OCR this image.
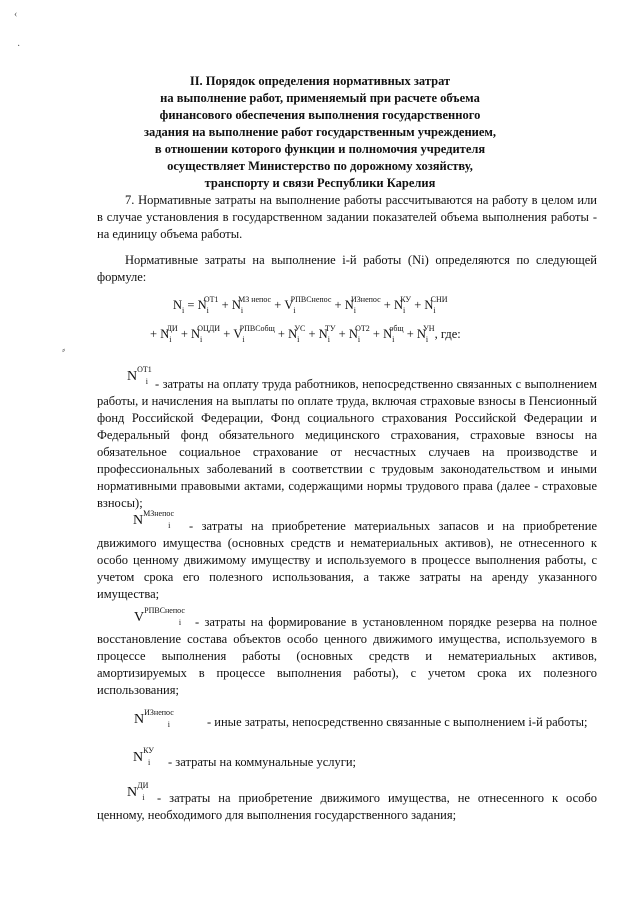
‹
·
⸗
II. Порядок определения нормативных затрат
на выполнение работ, применяемый при расчете объема
финансового обеспечения выполнения государственного
задания на выполнение работ государственным учреждением,
в отношении которого функции и полномочия учредителя
осуществляет Министерство по дорожному хозяйству,
транспорту и связи Республики Карелия

7. Нормативные затраты на выполнение работы рассчитываются на работу в целом или в случае установления в государственном задании показателей объема выполнения работы - на единицу объема работы.

Нормативные затраты на выполнение i-й работы (Ni) определяются по следующей формуле:

$N_i = N_i^{ОТ1} + N_i^{МЗ непос} + V_i^{РПВСнепос} + N_i^{ИЗнепос} + N_i^{КУ} + N_i^{СНИ}$
+ $N_i^{ДИ} + N_i^{ОЦДИ} + V_i^{РПВСобщ} + N_i^{УС} + N_i^{ТУ} + N_i^{ОТ2} + N_i^{общ} + N_i^{УН}$, где:
$N^{ОТ1}_i$ - затраты на оплату труда работников, непосредственно связанных с выполнением работы, и начисления на выплаты по оплате труда, включая страховые взносы в Пенсионный фонд Российской Федерации, Фонд социального страхования Российской Федерации и Федеральный фонд обязательного медицинского страхования, страховые взносы на обязательное социальное страхование от несчастных случаев на производстве и профессиональных заболеваний в соответствии с трудовым законодательством и иными нормативными правовыми актами, содержащими нормы трудового права (далее - страховые взносы);

$N^{МЗнепос}_i$	- затраты на приобретение материальных запасов и на приобретение движимого имущества (основных средств и нематериальных активов), не отнесенного к особо ценному движимому имуществу и используемого в процессе выполнения работы, с учетом срока его полезного использования, а также затраты на аренду указанного имущества;

$V^{РПВСнепос}_i$	- затраты на формирование в установленном порядке резерва на полное восстановление состава объектов особо ценного движимого имущества, используемого в процессе выполнения работы (основных средств и нематериальных активов, амортизируемых в процессе выполнения работы), с учетом срока их полезного использования;

$N^{ИЗнепос}_i$	- иные затраты, непосредственно связанные с выполнением i-й работы;

$N^{КУ}_i$ - затраты на коммунальные услуги;

$N^{ДИ}_i$ - затраты на приобретение движимого имущества, не отнесенного к особо ценному, необходимого для выполнения государственного задания;
